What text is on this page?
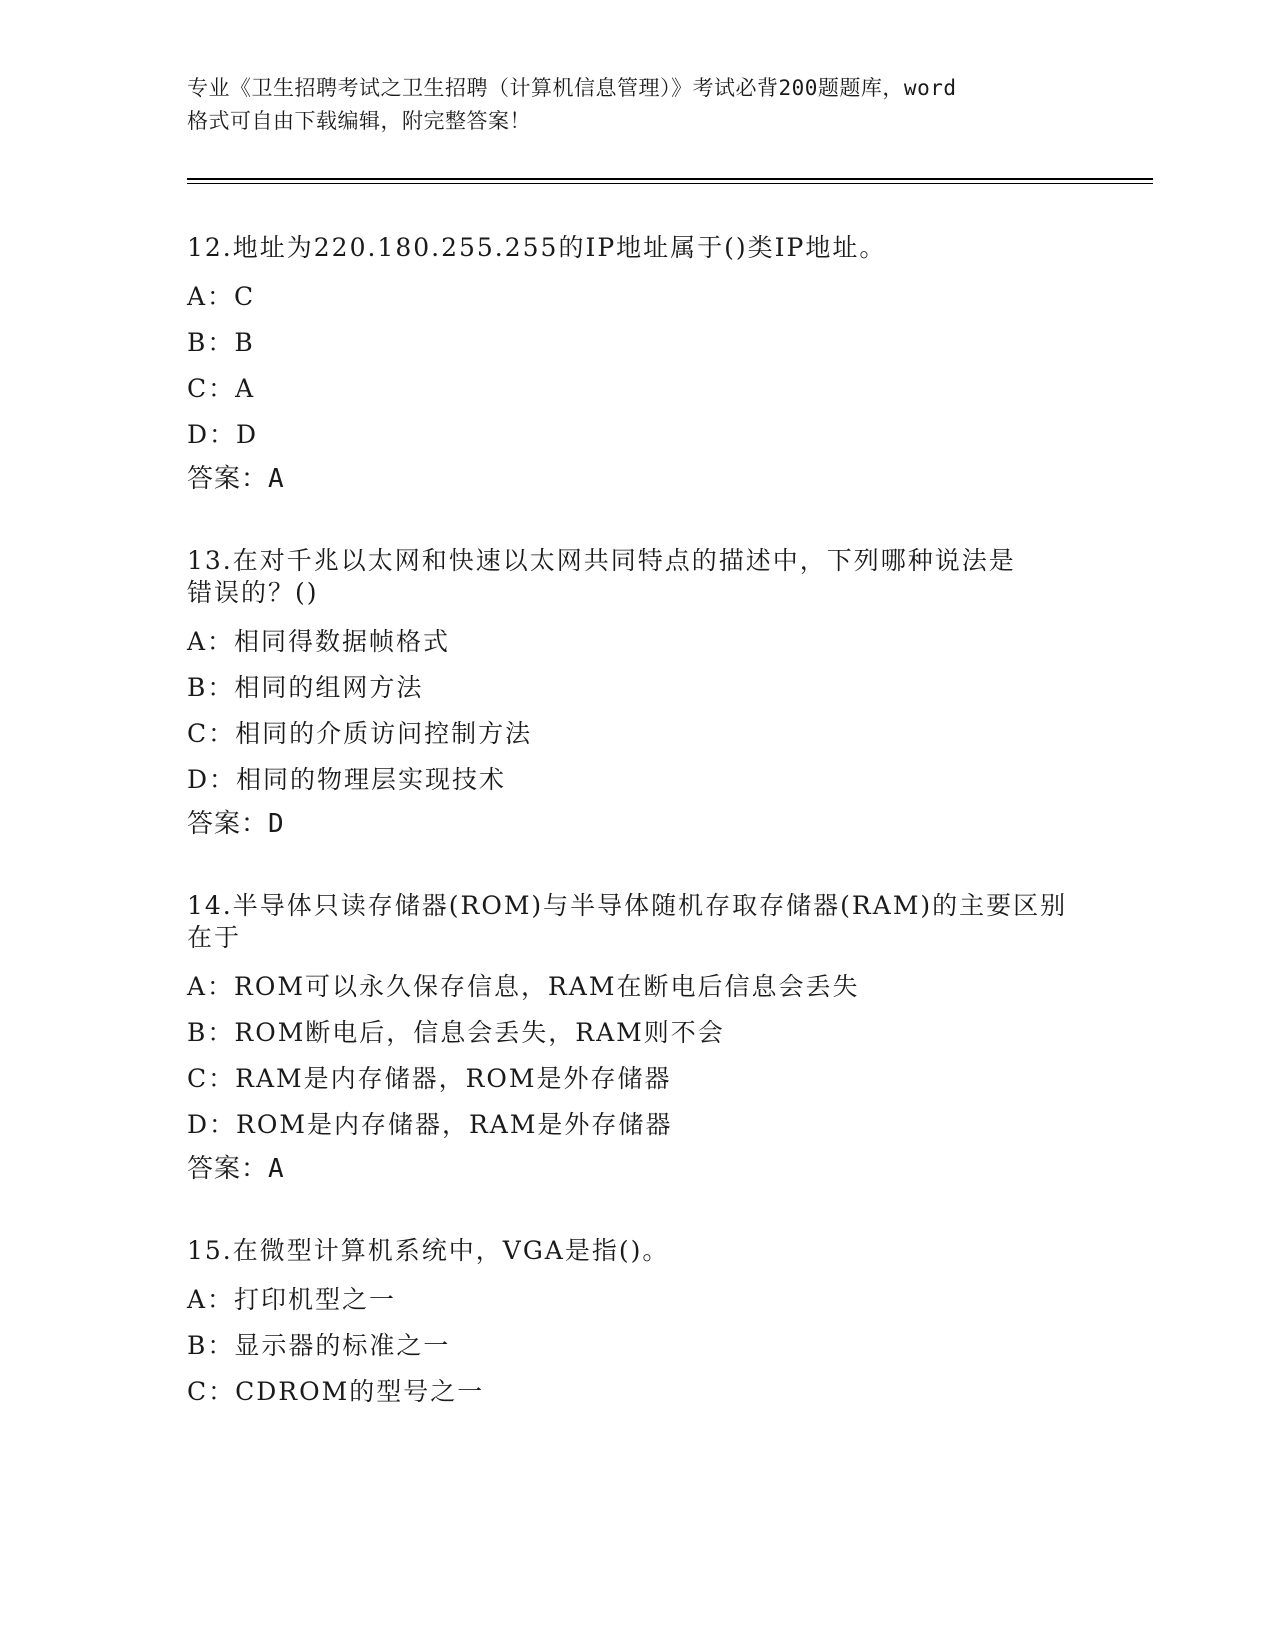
专业《卫生招聘考试之卫生招聘（计算机信息管理）》考试必背200题题库，word
格式可自由下载编辑，附完整答案！
12.地址为220.180.255.255的IP地址属于()类IP地址。
A：C
B：B
C：A
D：D
答案：A
13.在对千兆以太网和快速以太网共同特点的描述中，下列哪种说法是
错误的？()
A：相同得数据帧格式
B：相同的组网方法
C：相同的介质访问控制方法
D：相同的物理层实现技术
答案：D
14.半导体只读存储器(ROM)与半导体随机存取存储器(RAM)的主要区别
在于
A：ROM可以永久保存信息，RAM在断电后信息会丢失
B：ROM断电后，信息会丢失，RAM则不会
C：RAM是内存储器，ROM是外存储器
D：ROM是内存储器，RAM是外存储器
答案：A
15.在微型计算机系统中，VGA是指()。
A：打印机型之一
B：显示器的标准之一
C：CDROM的型号之一
